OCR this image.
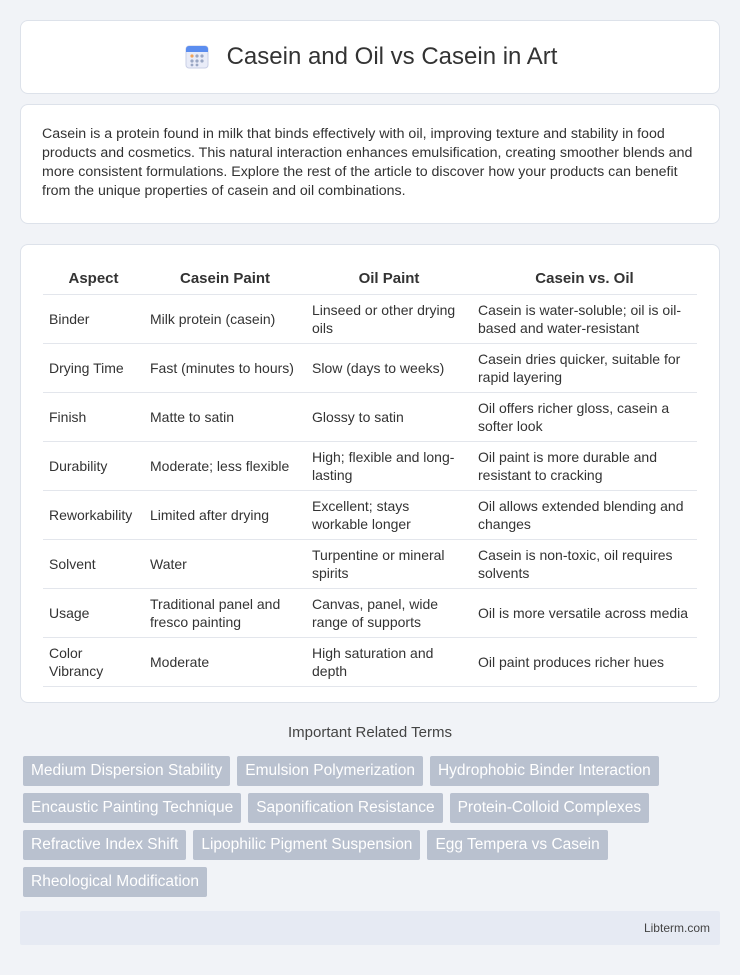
Casein and Oil vs Casein in Art

Casein is a protein found in milk that binds effectively with oil, improving texture and stability in food products and cosmetics. This natural interaction enhances emulsification, creating smoother blends and more consistent formulations. Explore the rest of the article to discover how your products can benefit from the unique properties of casein and oil combinations.

Aspect	Casein Paint	Oil Paint	Casein vs. Oil
Binder	Milk protein (casein)	Linseed or other drying oils	Casein is water-soluble; oil is oil-based and water-resistant
Drying Time	Fast (minutes to hours)	Slow (days to weeks)	Casein dries quicker, suitable for rapid layering
Finish	Matte to satin	Glossy to satin	Oil offers richer gloss, casein a softer look
Durability	Moderate; less flexible	High; flexible and long-lasting	Oil paint is more durable and resistant to cracking
Reworkability	Limited after drying	Excellent; stays workable longer	Oil allows extended blending and changes
Solvent	Water	Turpentine or mineral spirits	Casein is non-toxic, oil requires solvents
Usage	Traditional panel and fresco painting	Canvas, panel, wide range of supports	Oil is more versatile across media
Color Vibrancy	Moderate	High saturation and depth	Oil paint produces richer hues
Important Related Terms
Medium Dispersion Stability	Emulsion Polymerization	Hydrophobic Binder Interaction
Encaustic Painting Technique	Saponification Resistance	Protein-Colloid Complexes
Refractive Index Shift	Lipophilic Pigment Suspension	Egg Tempera vs Casein
Rheological Modification
Libterm.com
